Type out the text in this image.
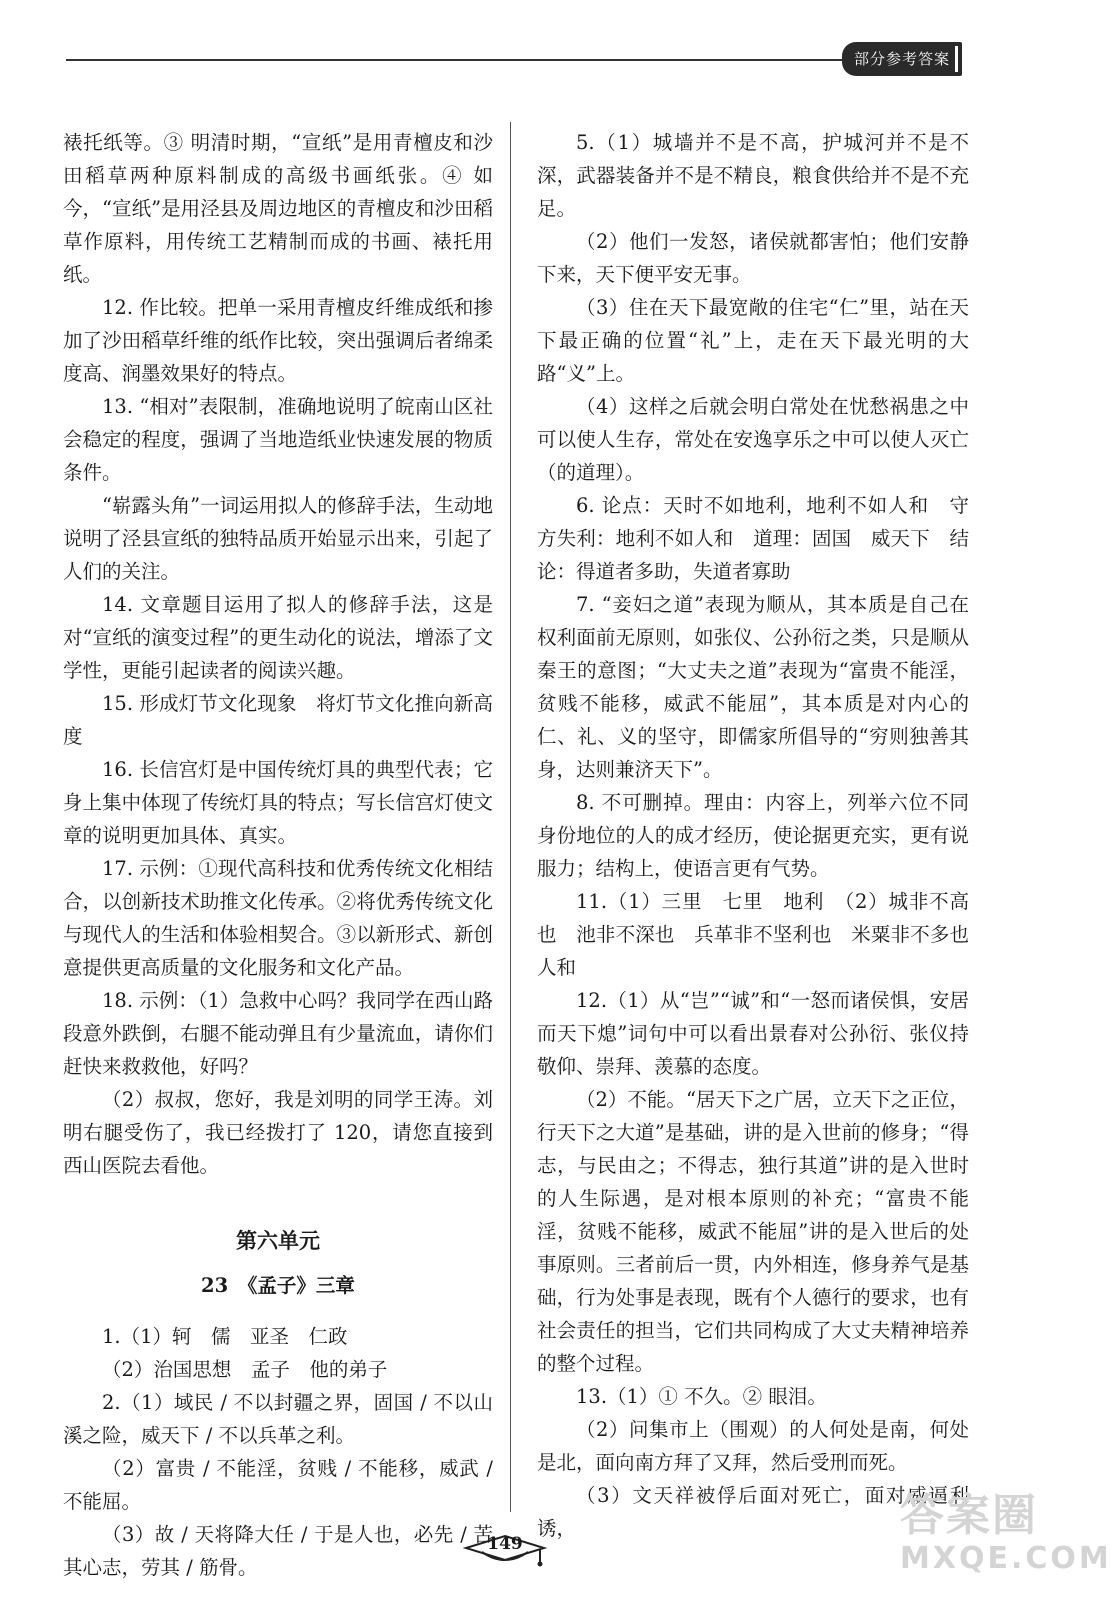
部分参考答案

裱托纸等。③ 明清时期，“宣纸”是用青檀皮和沙田稻草两种原料制成的高级书画纸张。④ 如今，“宣纸”是用泾县及周边地区的青檀皮和沙田稻草作原料，用传统工艺精制而成的书画、裱托用纸。

12. 作比较。把单一采用青檀皮纤维成纸和掺加了沙田稻草纤维的纸作比较，突出强调后者绵柔度高、润墨效果好的特点。

13. “相对”表限制，准确地说明了皖南山区社会稳定的程度，强调了当地造纸业快速发展的物质条件。

“崭露头角”一词运用拟人的修辞手法，生动地说明了泾县宣纸的独特品质开始显示出来，引起了人们的关注。

14. 文章题目运用了拟人的修辞手法，这是对“宣纸的演变过程”的更生动化的说法，增添了文学性，更能引起读者的阅读兴趣。

15. 形成灯节文化现象　将灯节文化推向新高度

16. 长信宫灯是中国传统灯具的典型代表；它身上集中体现了传统灯具的特点；写长信宫灯使文章的说明更加具体、真实。

17. 示例：①现代高科技和优秀传统文化相结合，以创新技术助推文化传承。②将优秀传统文化与现代人的生活和体验相契合。③以新形式、新创意提供更高质量的文化服务和文化产品。

18. 示例：（1）急救中心吗？我同学在西山路段意外跌倒，右腿不能动弹且有少量流血，请你们赶快来救救他，好吗？

（2）叔叔，您好，我是刘明的同学王涛。刘明右腿受伤了，我已经拨打了 120，请您直接到西山医院去看他。

第六单元
23　《孟子》三章

1.（1）轲　儒　亚圣　仁政

（2）治国思想　孟子　他的弟子

2.（1）域民 / 不以封疆之界，固国 / 不以山溪之险，威天下 / 不以兵革之利。

（2）富贵 / 不能淫，贫贱 / 不能移，威武 / 不能屈。

（3）故 / 天将降大任 / 于是人也，必先 / 苦其心志，劳其 / 筋骨。

5.（1）城墙并不是不高，护城河并不是不深，武器装备并不是不精良，粮食供给并不是不充足。

（2）他们一发怒，诸侯就都害怕；他们安静下来，天下便平安无事。

（3）住在天下最宽敞的住宅“仁”里，站在天下最正确的位置“礼”上，走在天下最光明的大路“义”上。

（4）这样之后就会明白常处在忧愁祸患之中可以使人生存，常处在安逸享乐之中可以使人灭亡（的道理）。

6. 论点：天时不如地利，地利不如人和　守方失利：地利不如人和　道理：固国　威天下　结论：得道者多助，失道者寡助

7. “妾妇之道”表现为顺从，其本质是自己在权利面前无原则，如张仪、公孙衍之类，只是顺从秦王的意图；“大丈夫之道”表现为“富贵不能淫，贫贱不能移，威武不能屈”，其本质是对内心的仁、礼、义的坚守，即儒家所倡导的“穷则独善其身，达则兼济天下”。

8. 不可删掉。理由：内容上，列举六位不同身份地位的人的成才经历，使论据更充实，更有说服力；结构上，使语言更有气势。

11.（1）三里　七里　地利　（2）城非不高也　池非不深也　兵革非不坚利也　米粟非不多也　人和

12.（1）从“岂”“诚”和“一怒而诸侯惧，安居而天下熄”词句中可以看出景春对公孙衍、张仪持敬仰、崇拜、羡慕的态度。

（2）不能。“居天下之广居，立天下之正位，行天下之大道”是基础，讲的是入世前的修身；“得志，与民由之；不得志，独行其道”讲的是入世时的人生际遇，是对根本原则的补充；“富贵不能淫，贫贱不能移，威武不能屈”讲的是入世后的处事原则。三者前后一贯，内外相连，修身养气是基础，行为处事是表现，既有个人德行的要求，也有社会责任的担当，它们共同构成了大丈夫精神培养的整个过程。

13.（1）① 不久。② 眼泪。

（2）问集市上（围观）的人何处是南，何处是北，面向南方拜了又拜，然后受刑而死。

（3）文天祥被俘后面对死亡，面对威逼利诱，

149
答案圈
MXQE.COM
